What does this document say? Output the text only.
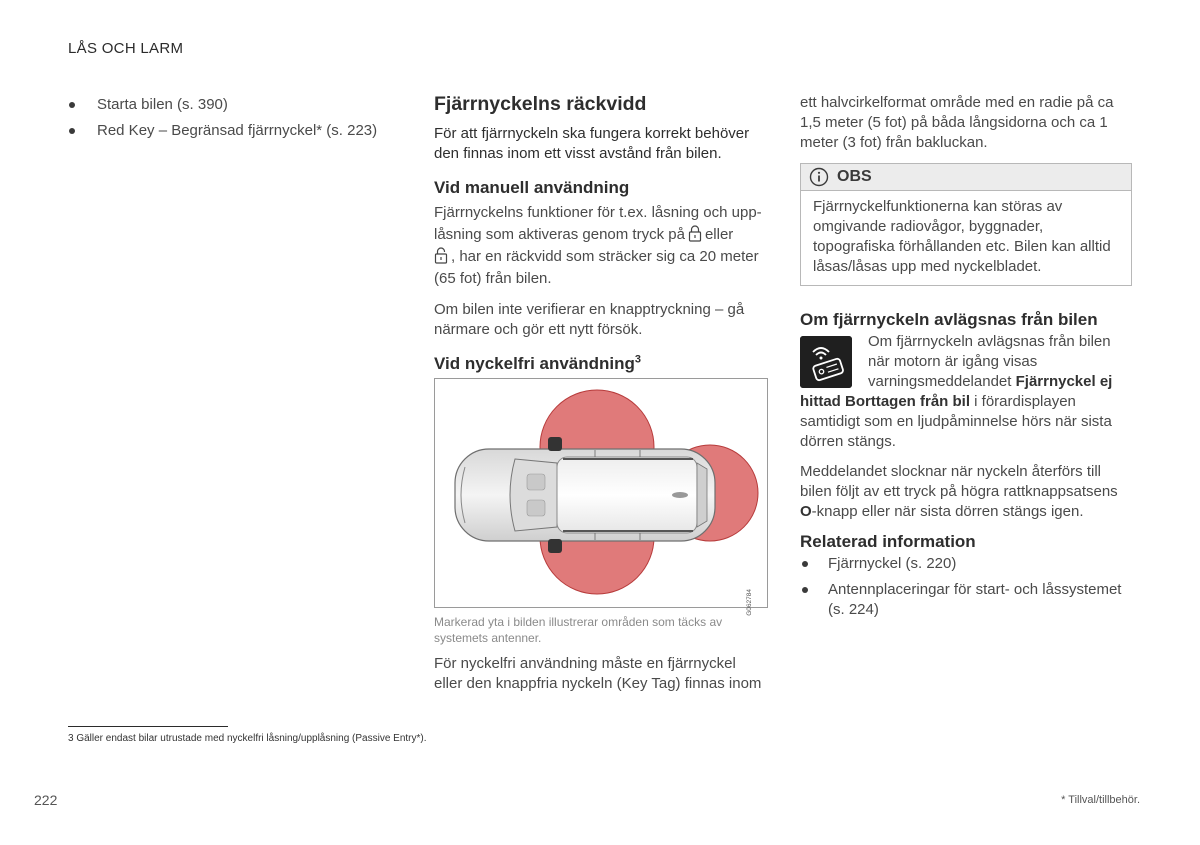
LÅS OCH LARM
Starta bilen (s. 390)
Red Key – Begränsad fjärrnyckel* (s. 223)
Fjärrnyckelns räckvidd

För att fjärrnyckeln ska fungera korrekt behöver den finnas inom ett visst avstånd från bilen.

Vid manuell användning

Fjärrnyckelns funktioner för t.ex. låsning och upp- låsning som aktiveras genom tryck på eller
, har en räckvidd som sträcker sig ca 20 meter (65 fot) från bilen.

Om bilen inte verifierar en knapptryckning – gå närmare och gör ett nytt försök.

Vid nyckelfri användning$^3$
G062784

Markerad yta i bilden illustrerar områden som täcks av systemets antenner.

För nyckelfri användning måste en fjärrnyckel eller den knappfria nyckeln (Key Tag) finnas inom

ett halvcirkelformat område med en radie på ca 1,5 meter (5 fot) på båda långsidorna och ca 1 meter (3 fot) från bakluckan.

OBS
Fjärrnyckelfunktionerna kan störas av omgivande radiovågor, byggnader, topografiska förhållanden etc. Bilen kan alltid låsas/låsas upp med nyckelbladet.
Om fjärrnyckeln avlägsnas från bilen

Om fjärrnyckeln avlägsnas från bilen när motorn är igång visas varningsmeddelandet Fjärrnyckel ej hittad Borttagen från bil i förardisplayen samtidigt som en ljudpåminnelse hörs när sista dörren stängs.

Meddelandet slocknar när nyckeln återförs till bilen följt av ett tryck på högra rattknappsatsens O-knapp eller när sista dörren stängs igen.

Relaterad information
Fjärrnyckel (s. 220)
Antennplaceringar för start- och låssystemet (s. 224)
3 Gäller endast bilar utrustade med nyckelfri låsning/upplåsning (Passive Entry*).
222	* Tillval/tillbehör.
